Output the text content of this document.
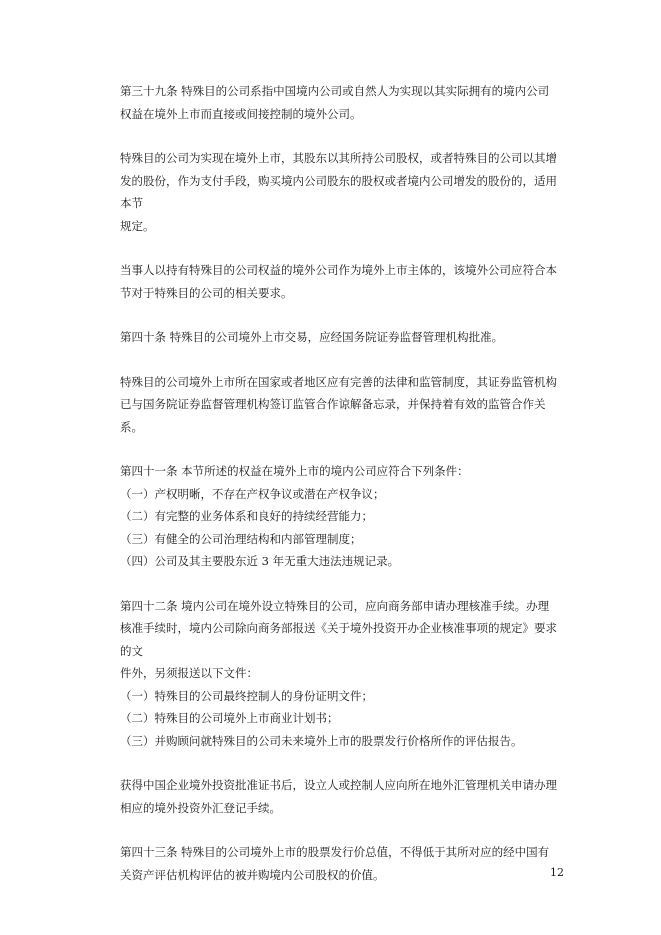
第三十九条 特殊目的公司系指中国境内公司或自然人为实现以其实际拥有的境内公司
权益在境外上市而直接或间接控制的境外公司。
特殊目的公司为实现在境外上市，其股东以其所持公司股权，或者特殊目的公司以其增
发的股份，作为支付手段，购买境内公司股东的股权或者境内公司增发的股份的，适用本节
规定。
当事人以持有特殊目的公司权益的境外公司作为境外上市主体的，该境外公司应符合本
节对于特殊目的公司的相关要求。
第四十条 特殊目的公司境外上市交易，应经国务院证券监督管理机构批准。
特殊目的公司境外上市所在国家或者地区应有完善的法律和监管制度，其证券监管机构
已与国务院证券监督管理机构签订监管合作谅解备忘录，并保持着有效的监管合作关系。
第四十一条 本节所述的权益在境外上市的境内公司应符合下列条件：
（一）产权明晰，不存在产权争议或潜在产权争议；
（二）有完整的业务体系和良好的持续经营能力；
（三）有健全的公司治理结构和内部管理制度；
（四）公司及其主要股东近 3 年无重大违法违规记录。
第四十二条 境内公司在境外设立特殊目的公司，应向商务部申请办理核准手续。办理
核准手续时，境内公司除向商务部报送《关于境外投资开办企业核准事项的规定》要求的文
件外，另须报送以下文件：
（一）特殊目的公司最终控制人的身份证明文件；
（二）特殊目的公司境外上市商业计划书；
（三）并购顾问就特殊目的公司未来境外上市的股票发行价格所作的评估报告。
获得中国企业境外投资批准证书后，设立人或控制人应向所在地外汇管理机关申请办理
相应的境外投资外汇登记手续。
第四十三条 特殊目的公司境外上市的股票发行价总值，不得低于其所对应的经中国有
关资产评估机构评估的被并购境内公司股权的价值。	12
